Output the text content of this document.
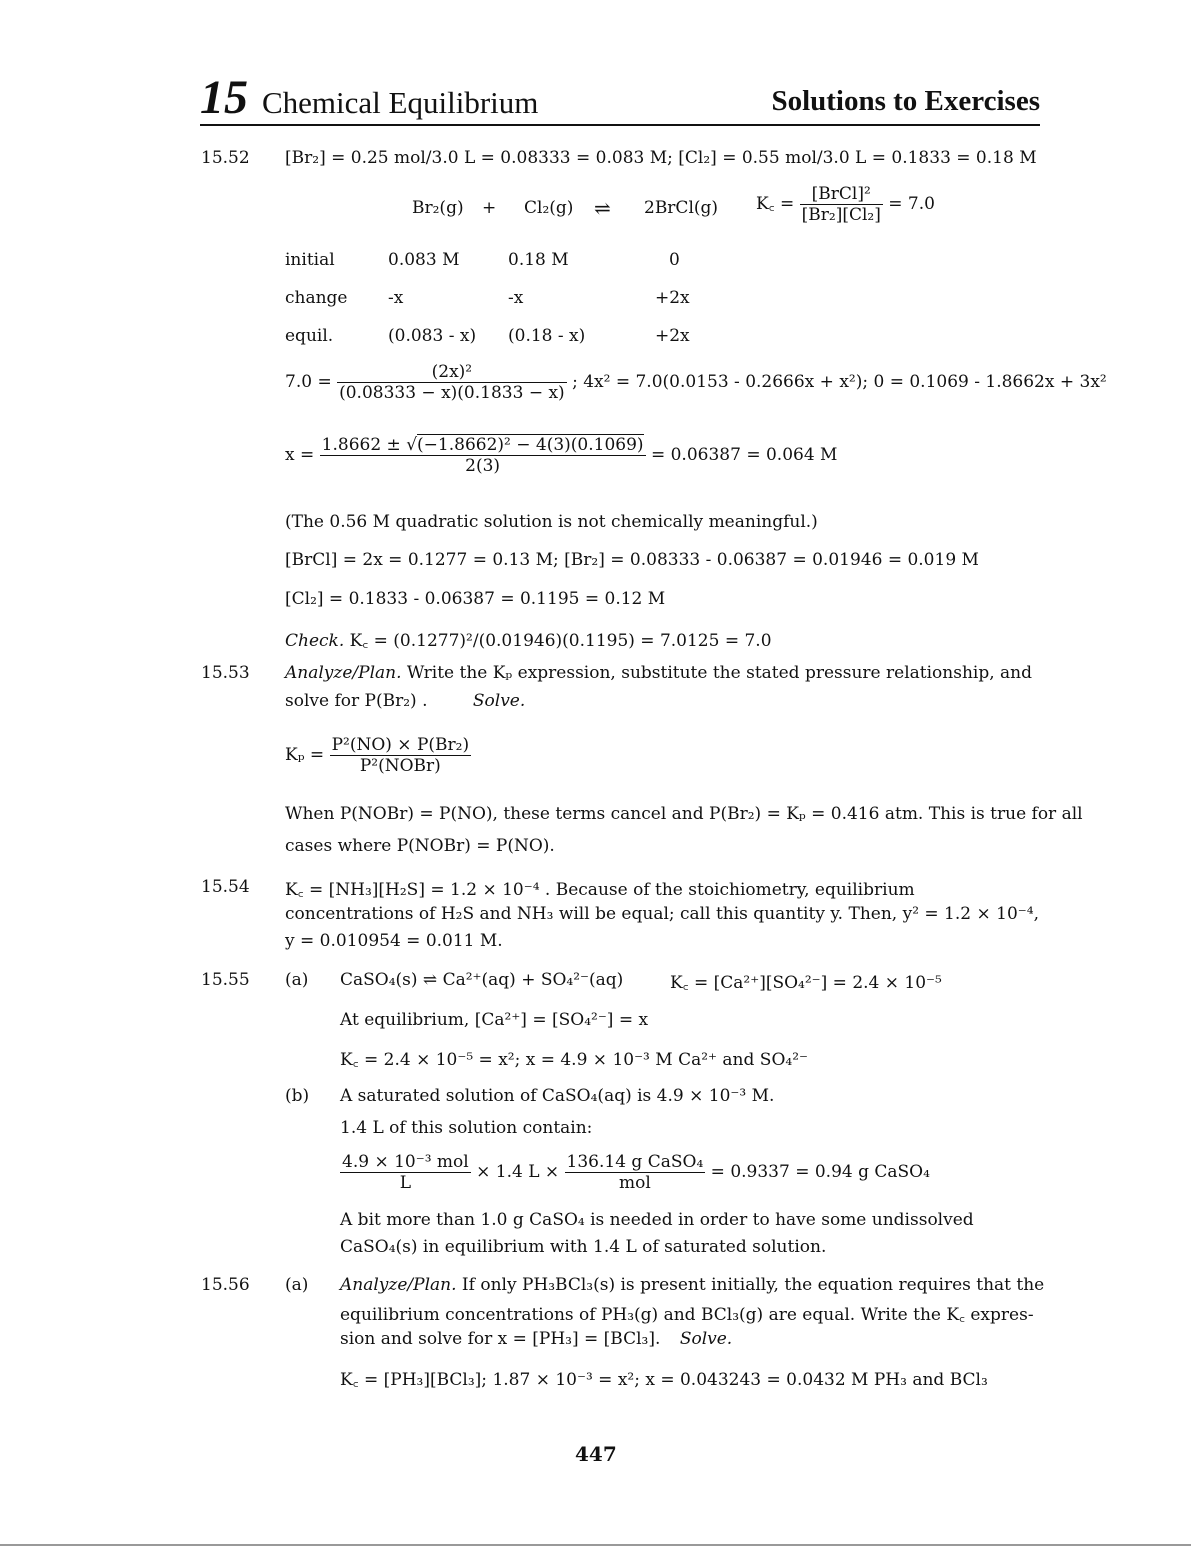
15 Chemical Equilibrium	Solutions to Exercises
15.52 [Br₂] = 0.25 mol/3.0 L = 0.08333 = 0.083 M; [Cl₂] = 0.55 mol/3.0 L = 0.1833 = 0.18 M
Br₂(g) + Cl₂(g) ⇌ 2BrCl(g) K꜀ = $\frac{\text{[BrCl]²}}{\text{[Br₂][Cl₂]}} = 7.0$
initial	0.083 M	0.18 M	0
change -x	-x	+2x
equil.	(0.083 - x) (0.18 - x)	+2x
$7.0 = \frac{\text{(2x)²}}{(0.08333 - x)(0.1833 - x)}$ ; 4x² = 7.0(0.0153 - 0.2666x + x²); 0 = 0.1069 - 1.8662x + 3x²
$x = \frac{\text{1.8662 ± √(−1.8662)² − 4(3)(0.1069)}}{2(3)} = 0.06387 = 0.064$ M
(The 0.56 M quadratic solution is not chemically meaningful.)
[BrCl] = 2x = 0.1277 = 0.13 M; [Br₂] = 0.08333 - 0.06387 = 0.01946 = 0.019 M
[Cl₂] = 0.1833 - 0.06387 = 0.1195 = 0.12 M
Check. K꜀ = (0.1277)²/(0.01946)(0.1195) = 7.0125 = 7.0
15.53 Analyze/Plan. Write the Kₚ expression, substitute the stated pressure relationship, and
solve for P(Br₂) .	Solve.
$K_p = \frac{\text{P²(NO) × P(Br₂)}}{\text{P²(NOBr)}}$
When P(NOBr) = P(NO), these terms cancel and P(Br₂) = Kₚ = 0.416 atm. This is true for all
cases where P(NOBr) = P(NO).
15.54 K꜀ = [NH₃][H₂S] = 1.2 × 10⁻⁴ . Because of the stoichiometry, equilibrium
concentrations of H₂S and NH₃ will be equal; call this quantity y. Then, y² = 1.2 × 10⁻⁴,
y = 0.010954 = 0.011 M.
15.55 (a) CaSO₄(s) ⇌ Ca²⁺(aq) + SO₄²⁻(aq)	K꜀ = [Ca²⁺][SO₄²⁻] = 2.4 × 10⁻⁵
At equilibrium, [Ca²⁺] = [SO₄²⁻] = x
K꜀ = 2.4 × 10⁻⁵ = x²; x = 4.9 × 10⁻³ M Ca²⁺ and SO₄²⁻
(b) A saturated solution of CaSO₄(aq) is 4.9 × 10⁻³ M.
1.4 L of this solution contain:
$\frac{\text{4.9 × 10⁻³ mol}}{L} \times 1.4$ $L \times \frac{\text{136.14 g CaSO₄}}{\text{mol}} = 0.9337 = 0.94$ g CaSO₄
A bit more than 1.0 g CaSO₄ is needed in order to have some undissolved
CaSO₄(s) in equilibrium with 1.4 L of saturated solution.
15.56 (a) Analyze/Plan. If only PH₃BCl₃(s) is present initially, the equation requires that the
equilibrium concentrations of PH₃(g) and BCl₃(g) are equal. Write the K꜀ expres-
sion and solve for x = [PH₃] = [BCl₃]. Solve.
K꜀ = [PH₃][BCl₃]; 1.87 × 10⁻³ = x²; x = 0.043243 = 0.0432 M PH₃ and BCl₃
447
